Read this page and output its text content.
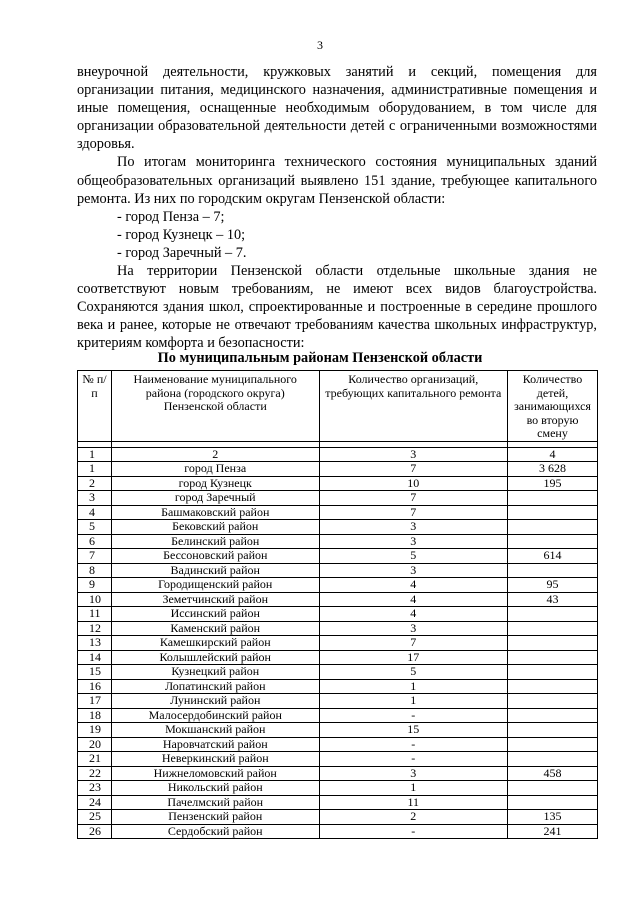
3

внеурочной деятельности, кружковых занятий и секций, помещения для организации питания, медицинского назначения, административные помещения и иные помещения, оснащенные необходимым оборудованием, в том числе для организации образовательной деятельности детей с ограниченными возможностями здоровья.

По итогам мониторинга технического состояния муниципальных зданий общеобразовательных организаций выявлено 151 здание, требующее капитального ремонта. Из них по городским округам Пензенской области:

- город Пенза – 7;

- город Кузнецк – 10;

- город Заречный – 7.

На территории Пензенской области отдельные школьные здания не соответствуют новым требованиям, не имеют всех видов благоустройства. Сохраняются здания школ, спроектированные и построенные в середине прошлого века и ранее, которые не отвечают требованиям качества школьных инфраструктур, критериям комфорта и безопасности:

По муниципальным районам Пензенской области
№ п/п	Наименование муниципального района (городского округа) Пензенской области	Количество организаций, требующих капитального ремонта	Количество детей, занимающихся во вторую смену

1	2	3	4
1	город Пенза	7	3 628
2	город Кузнецк	10	195
3	город Заречный	7	
4	Башмаковский район	7	
5	Бековский район	3	
6	Белинский район	3	
7	Бессоновский район	5	614
8	Вадинский район	3	
9	Городищенский район	4	95
10	Земетчинский район	4	43
11	Иссинский район	4	
12	Каменский район	3	
13	Камешкирский район	7	
14	Колышлейский район	17	
15	Кузнецкий район	5	
16	Лопатинский район	1	
17	Лунинский район	1	
18	Малосердобинский район	-	
19	Мокшанский район	15	
20	Наровчатский район	-	
21	Неверкинский район	-	
22	Нижнеломовский район	3	458
23	Никольский район	1	
24	Пачелмский район	11	
25	Пензенский район	2	135
26	Сердобский район	-	241
